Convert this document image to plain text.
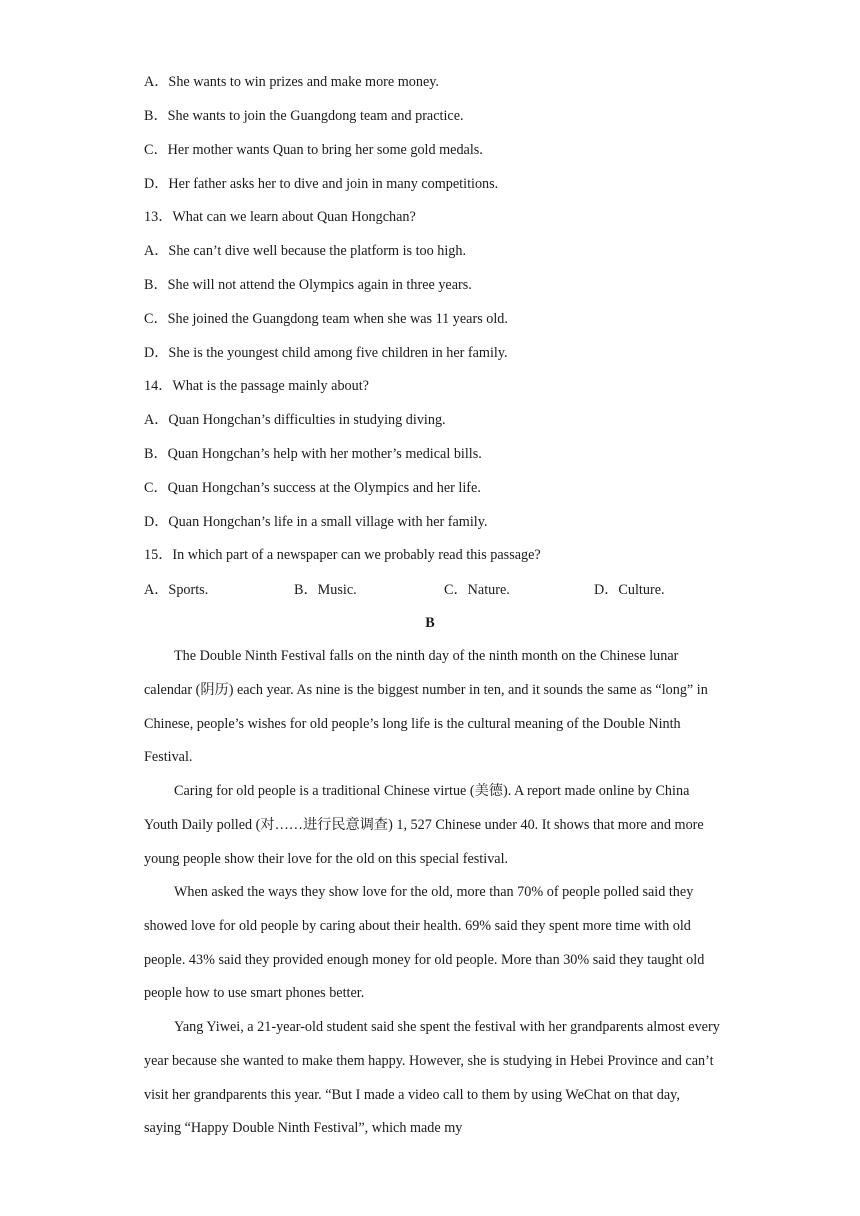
A．She wants to win prizes and make more money.
B．She wants to join the Guangdong team and practice.
C．Her mother wants Quan to bring her some gold medals.
D．Her father asks her to dive and join in many competitions.
13．What can we learn about Quan Hongchan?
A．She can’t dive well because the platform is too high.
B．She will not attend the Olympics again in three years.
C．She joined the Guangdong team when she was 11 years old.
D．She is the youngest child among five children in her family.
14．What is the passage mainly about?
A．Quan Hongchan’s difficulties in studying diving.
B．Quan Hongchan’s help with her mother’s medical bills.
C．Quan Hongchan’s success at the Olympics and her life.
D．Quan Hongchan’s life in a small village with her family.
15．In which part of a newspaper can we probably read this passage?
A．Sports.	B．Music.	C．Nature.	D．Culture.
B

The Double Ninth Festival falls on the ninth day of the ninth month on the Chinese lunar calendar (阴历) each year. As nine is the biggest number in ten, and it sounds the same as “long” in Chinese, people’s wishes for old people’s long life is the cultural meaning of the Double Ninth Festival.

Caring for old people is a traditional Chinese virtue (美德). A report made online by China Youth Daily polled (对……进行民意调查) 1, 527 Chinese under 40. It shows that more and more young people show their love for the old on this special festival.

When asked the ways they show love for the old, more than 70% of people polled said they showed love for old people by caring about their health. 69% said they spent more time with old people. 43% said they provided enough money for old people. More than 30% said they taught old people how to use smart phones better.

Yang Yiwei, a 21-year-old student said she spent the festival with her grandparents almost every year because she wanted to make them happy. However, she is studying in Hebei Province and can’t visit her grandparents this year. “But I made a video call to them by using WeChat on that day, saying “Happy Double Ninth Festival”, which made my
